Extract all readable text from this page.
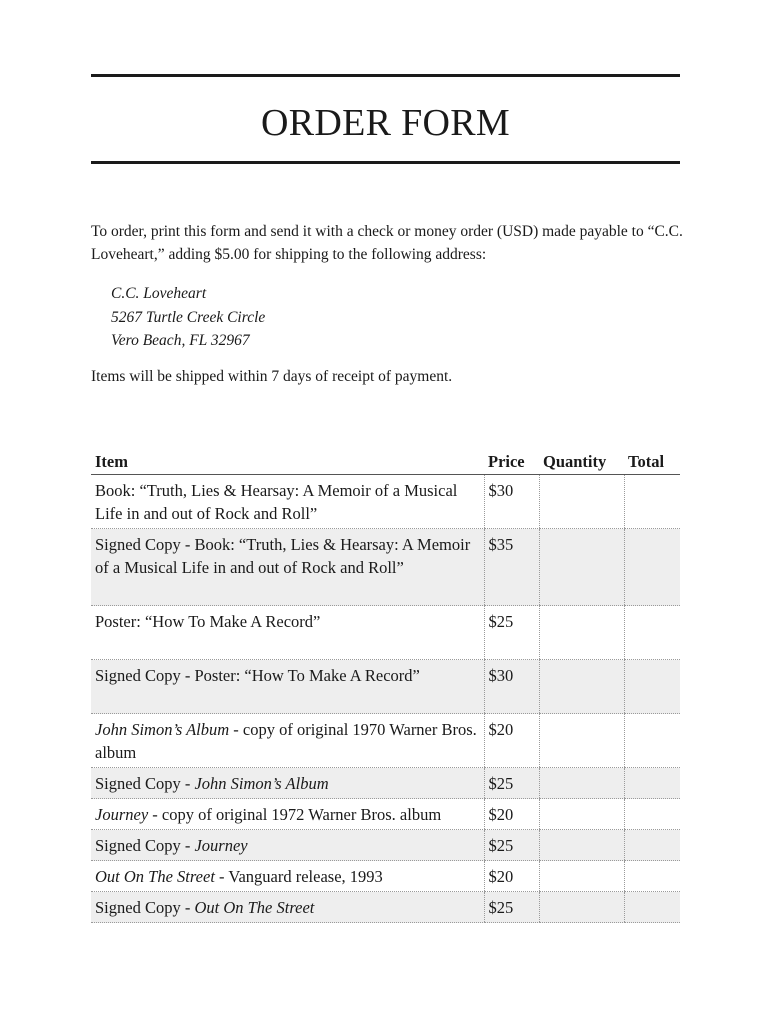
ORDER FORM
To order, print this form and send it with a check or money order (USD) made payable to “C.C. Loveheart,” adding $5.00 for shipping to the following address:
C.C. Loveheart
5267 Turtle Creek Circle
Vero Beach, FL 32967
Items will be shipped within 7 days of receipt of payment.
Item	Price	Quantity	Total
Book: “Truth, Lies & Hearsay: A Memoir of a Musical Life in and out of Rock and Roll”	$30		
Signed Copy - Book: “Truth, Lies & Hearsay: A Memoir of a Musical Life in and out of Rock and Roll”	$35		
Poster: “How To Make A Record”	$25		
Signed Copy - Poster: “How To Make A Record”	$30		
John Simon’s Album - copy of original 1970 Warner Bros. album	$20		
Signed Copy - John Simon’s Album	$25		
Journey - copy of original 1972 Warner Bros. album	$20		
Signed Copy - Journey	$25		
Out On The Street - Vanguard release, 1993	$20		
Signed Copy - Out On The Street	$25		
